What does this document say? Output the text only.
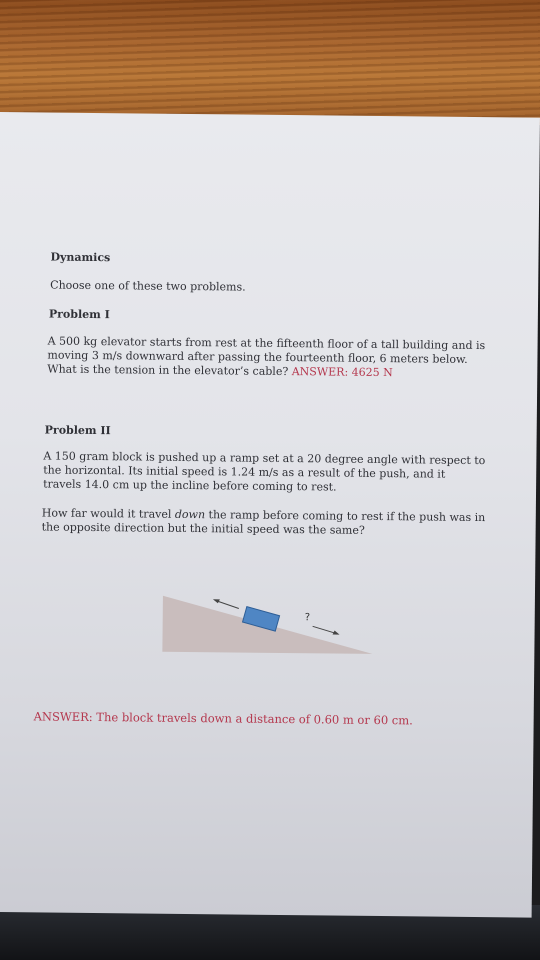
Dynamics
Choose one of these two problems.
Problem I
A 500 kg elevator starts from rest at the fifteenth floor of a tall building and is
moving 3 m/s downward after passing the fourteenth floor, 6 meters below.
What is the tension in the elevator’s cable? ANSWER: 4625 N
Problem II
A 150 gram block is pushed up a ramp set at a 20 degree angle with respect to
the horizontal. Its initial speed is 1.24 m/s as a result of the push, and it
travels 14.0 cm up the incline before coming to rest.
How far would it travel down the ramp before coming to rest if the push was in
the opposite direction but the initial speed was the same?
?
ANSWER: The block travels down a distance of 0.60 m or 60 cm.
